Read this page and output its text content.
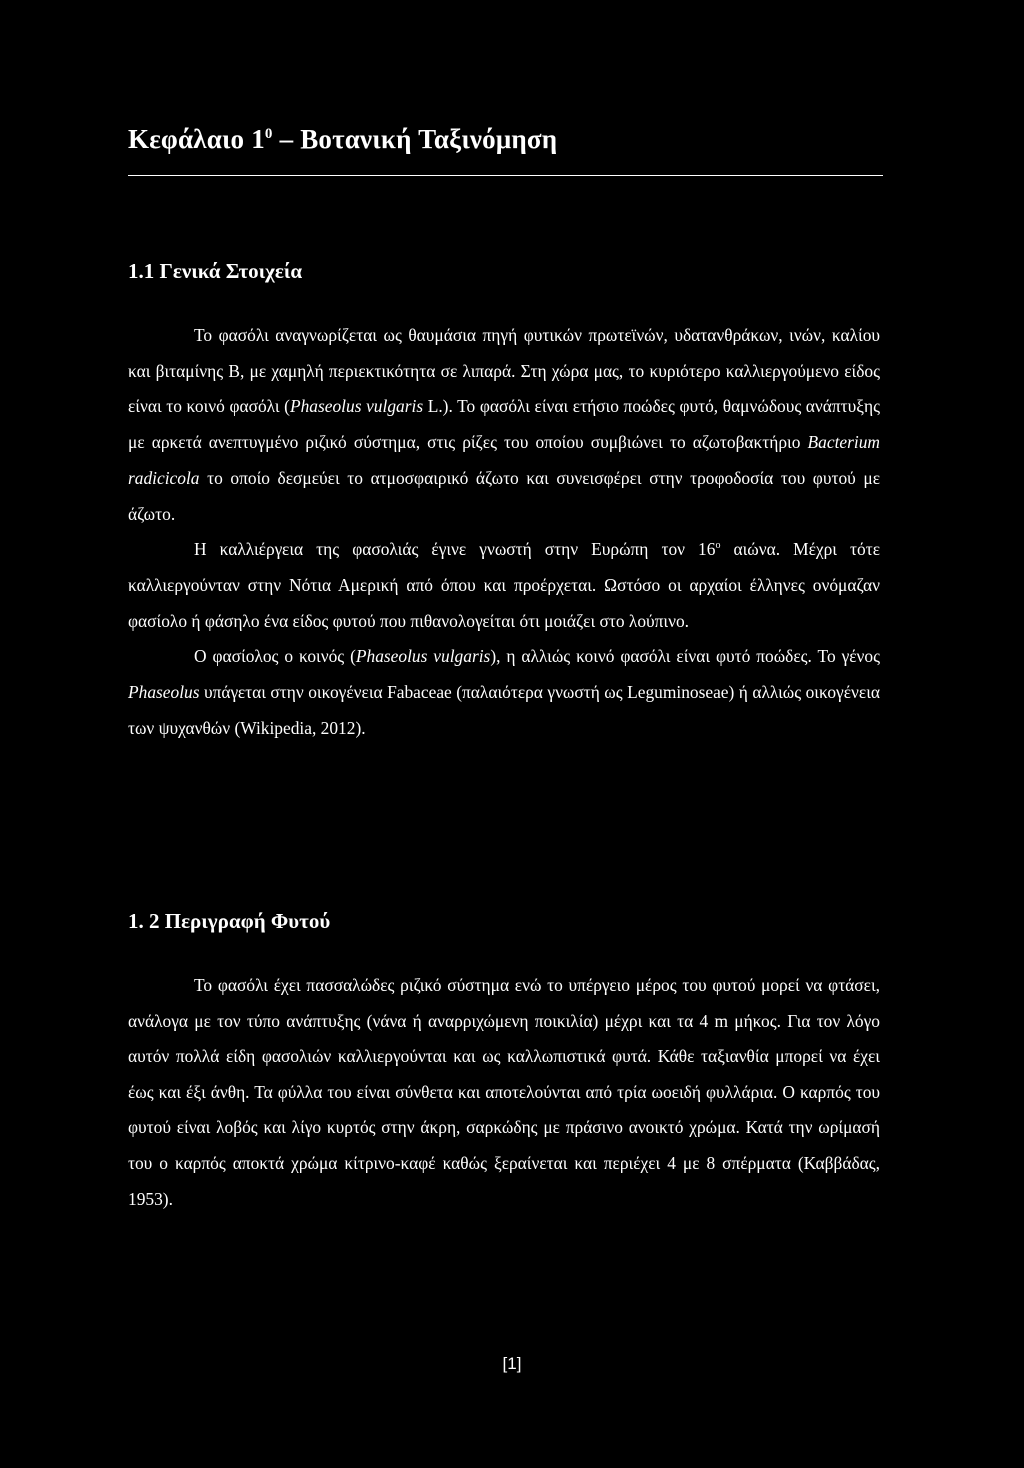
Κεφάλαιο $1^0$ – Βοτανική Ταξινόμηση
1.1 Γενικά Στοιχεία

Το φασόλι αναγνωρίζεται ως θαυμάσια πηγή φυτικών πρωτεϊνών, υδατανθράκων, ινών, καλίου και βιταμίνης Β, με χαμηλή περιεκτικότητα σε λιπαρά. Στη χώρα μας, το κυριότερο καλλιεργούμενο είδος είναι το κοινό φασόλι (Phaseolus vulgaris L.). Το φασόλι είναι ετήσιο ποώδες φυτό, θαμνώδους ανάπτυξης με αρκετά ανεπτυγμένο ριζικό σύστημα, στις ρίζες του οποίου συμβιώνει το αζωτοβακτήριο Bacterium radicicola το οποίο δεσμεύει το ατμοσφαιρικό άζωτο και συνεισφέρει στην τροφοδοσία του φυτού με άζωτο.

Η καλλιέργεια της φασολιάς έγινε γνωστή στην Ευρώπη τον $16^o$ αιώνα. Μέχρι τότε καλλιεργούνταν στην Νότια Αμερική από όπου και προέρχεται. Ωστόσο οι αρχαίοι έλληνες ονόμαζαν φασίολο ή φάσηλο ένα είδος φυτού που πιθανολογείται ότι μοιάζει στο λούπινο.

Ο φασίολος ο κοινός (Phaseolus vulgaris), η αλλιώς κοινό φασόλι είναι φυτό ποώδες. Το γένος Phaseolus υπάγεται στην οικογένεια Fabaceae (παλαιότερα γνωστή ως Leguminoseae) ή αλλιώς οικογένεια των ψυχανθών (Wikipedia, 2012).

1. 2 Περιγραφή Φυτού

Το φασόλι έχει πασσαλώδες ριζικό σύστημα ενώ το υπέργειο μέρος του φυτού μορεί να φτάσει, ανάλογα με τον τύπο ανάπτυξης (νάνα ή αναρριχώμενη ποικιλία) μέχρι και τα 4 m μήκος. Για τον λόγο αυτόν πολλά είδη φασολιών καλλιεργούνται και ως καλλωπιστικά φυτά. Κάθε ταξιανθία μπορεί να έχει έως και έξι άνθη. Τα φύλλα του είναι σύνθετα και αποτελούνται από τρία ωοειδή φυλλάρια. Ο καρπός του φυτού είναι λοβός και λίγο κυρτός στην άκρη, σαρκώδης με πράσινο ανοικτό χρώμα. Κατά την ωρίμασή του ο καρπός αποκτά χρώμα κίτρινο-καφέ καθώς ξεραίνεται και περιέχει 4 με 8 σπέρματα (Καββάδας, 1953).

[1]
